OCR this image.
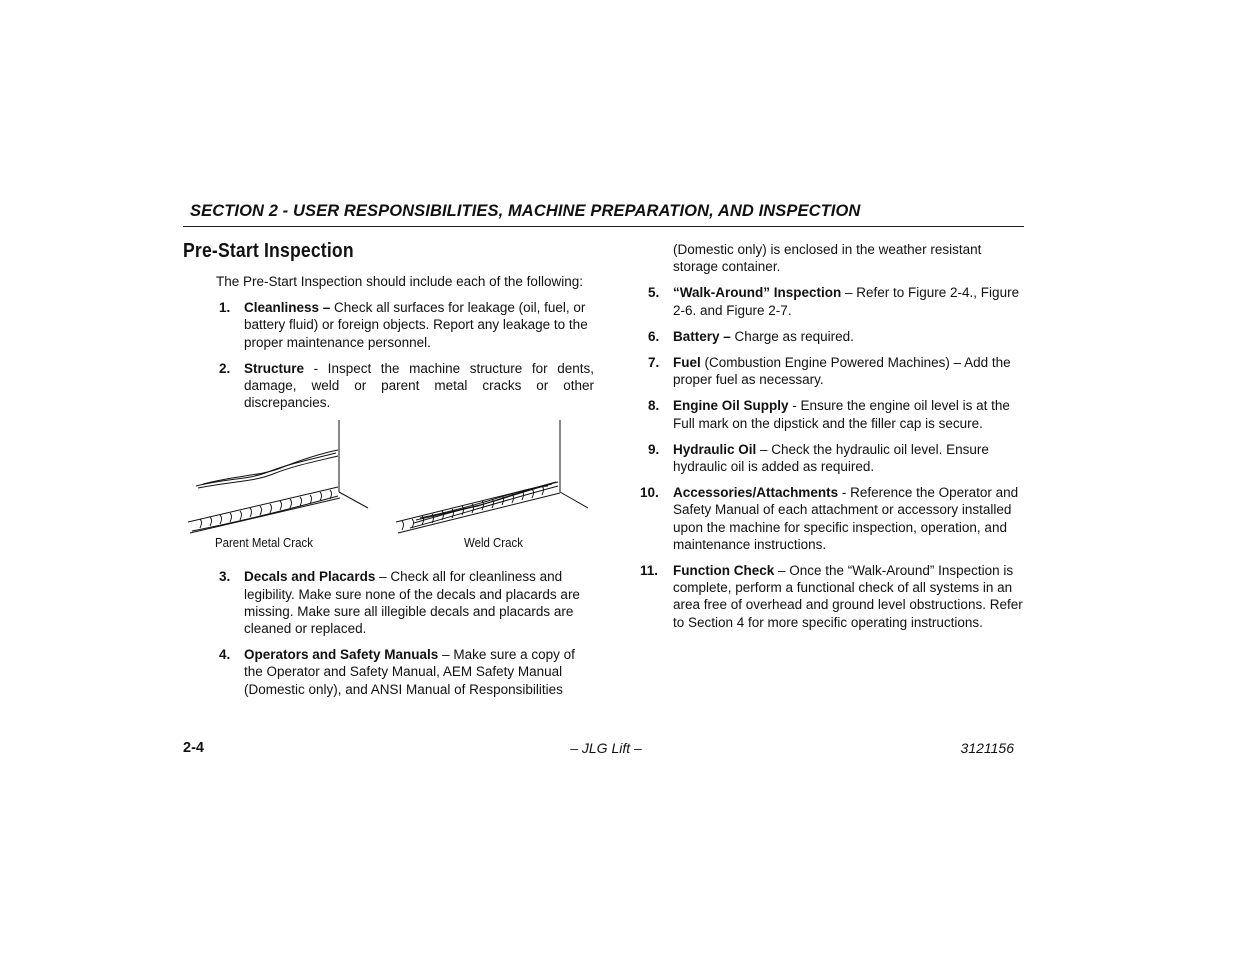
SECTION 2 - USER RESPONSIBILITIES, MACHINE PREPARATION, AND INSPECTION
Pre-Start Inspection

The Pre-Start Inspection should include each of the following:

1. Cleanliness – Check all surfaces for leakage (oil, fuel, or battery fluid) or foreign objects. Report any leakage to the proper maintenance personnel.
2. Structure - Inspect the machine structure for dents, damage, weld or parent metal cracks or other discrepancies.
Parent Metal Crack	Weld Crack
3. Decals and Placards – Check all for cleanliness and legibility. Make sure none of the decals and placards are missing. Make sure all illegible decals and placards are cleaned or replaced.
4. Operators and Safety Manuals – Make sure a copy of the Operator and Safety Manual, AEM Safety Manual (Domestic only), and ANSI Manual of Responsibilities
(Domestic only) is enclosed in the weather resistant storage container.
5. “Walk-Around” Inspection – Refer to Figure 2-4., Figure 2-6. and Figure 2-7.
6. Battery – Charge as required.
7. Fuel (Combustion Engine Powered Machines) – Add the proper fuel as necessary.
8. Engine Oil Supply - Ensure the engine oil level is at the Full mark on the dipstick and the filler cap is secure.
9. Hydraulic Oil – Check the hydraulic oil level. Ensure hydraulic oil is added as required.
10. Accessories/Attachments - Reference the Operator and Safety Manual of each attachment or accessory installed upon the machine for specific inspection, operation, and maintenance instructions.
11. Function Check – Once the “Walk-Around” Inspection is complete, perform a functional check of all systems in an area free of overhead and ground level obstructions. Refer to Section 4 for more specific operating instructions.
2-4	– JLG Lift –	3121156
